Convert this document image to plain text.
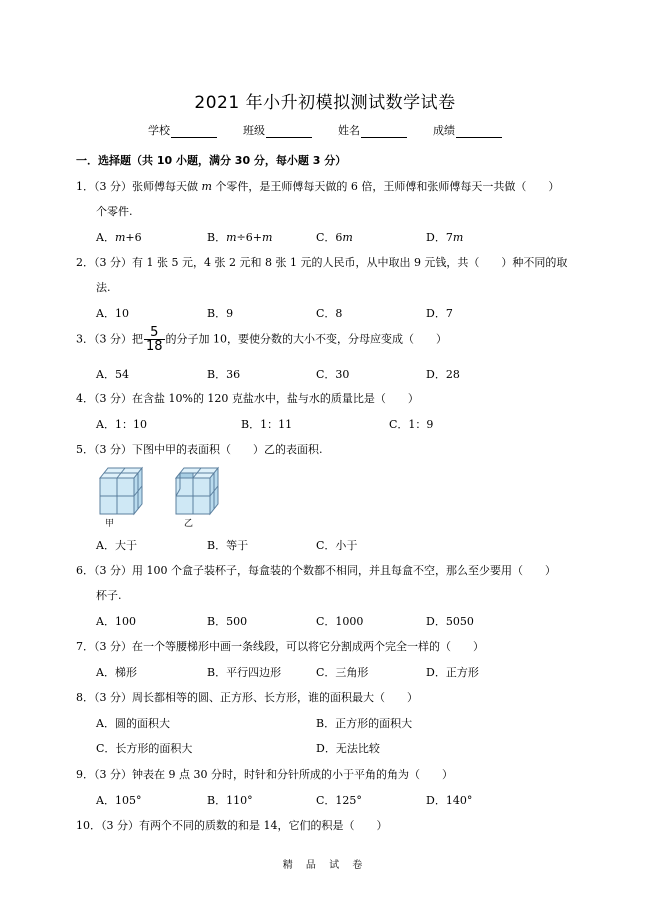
2021 年小升初模拟测试数学试卷
学校	班级	姓名	成绩
一．选择题（共 10 小题，满分 30 分，每小题 3 分）
1．（3 分）张师傅每天做 m 个零件，是王师傅每天做的 6 倍，王师傅和张师傅每天一共做（　　）
个零件.
A．m+6	B．m÷6+m	C．6m	D．7m
2．（3 分）有 1 张 5 元，4 张 2 元和 8 张 1 元的人民币，从中取出 9 元钱，共（　　）种不同的取
法.
A．10	B．9	C．8	D．7
3．（3 分）把 $\frac{5}{18}$ 的分子加 10，要使分数的大小不变，分母应变成（　　）
A．54	B．36	C．30	D．28
4．（3 分）在含盐 10%的 120 克盐水中，盐与水的质量比是（　　）
A．1：10	B．1：11	C．1：9
5．（3 分）下图中甲的表面积（　　）乙的表面积.
甲	乙
A．大于	B．等于	C．小于
6．（3 分）用 100 个盒子装杯子，每盒装的个数都不相同，并且每盒不空，那么至少要用（　　）
杯子.
A．100	B．500	C．1000	D．5050
7．（3 分）在一个等腰梯形中画一条线段，可以将它分割成两个完全一样的（　　）
A．梯形	B．平行四边形	C．三角形	D．正方形
8．（3 分）周长都相等的圆、正方形、长方形，谁的面积最大（　　）
A．圆的面积大	B．正方形的面积大
C．长方形的面积大	D．无法比较
9．（3 分）钟表在 9 点 30 分时，时针和分针所成的小于平角的角为（　　）
A．105°	B．110°	C．125°	D．140°
10．（3 分）有两个不同的质数的和是 14，它们的积是（　　）
精 品 试 卷
